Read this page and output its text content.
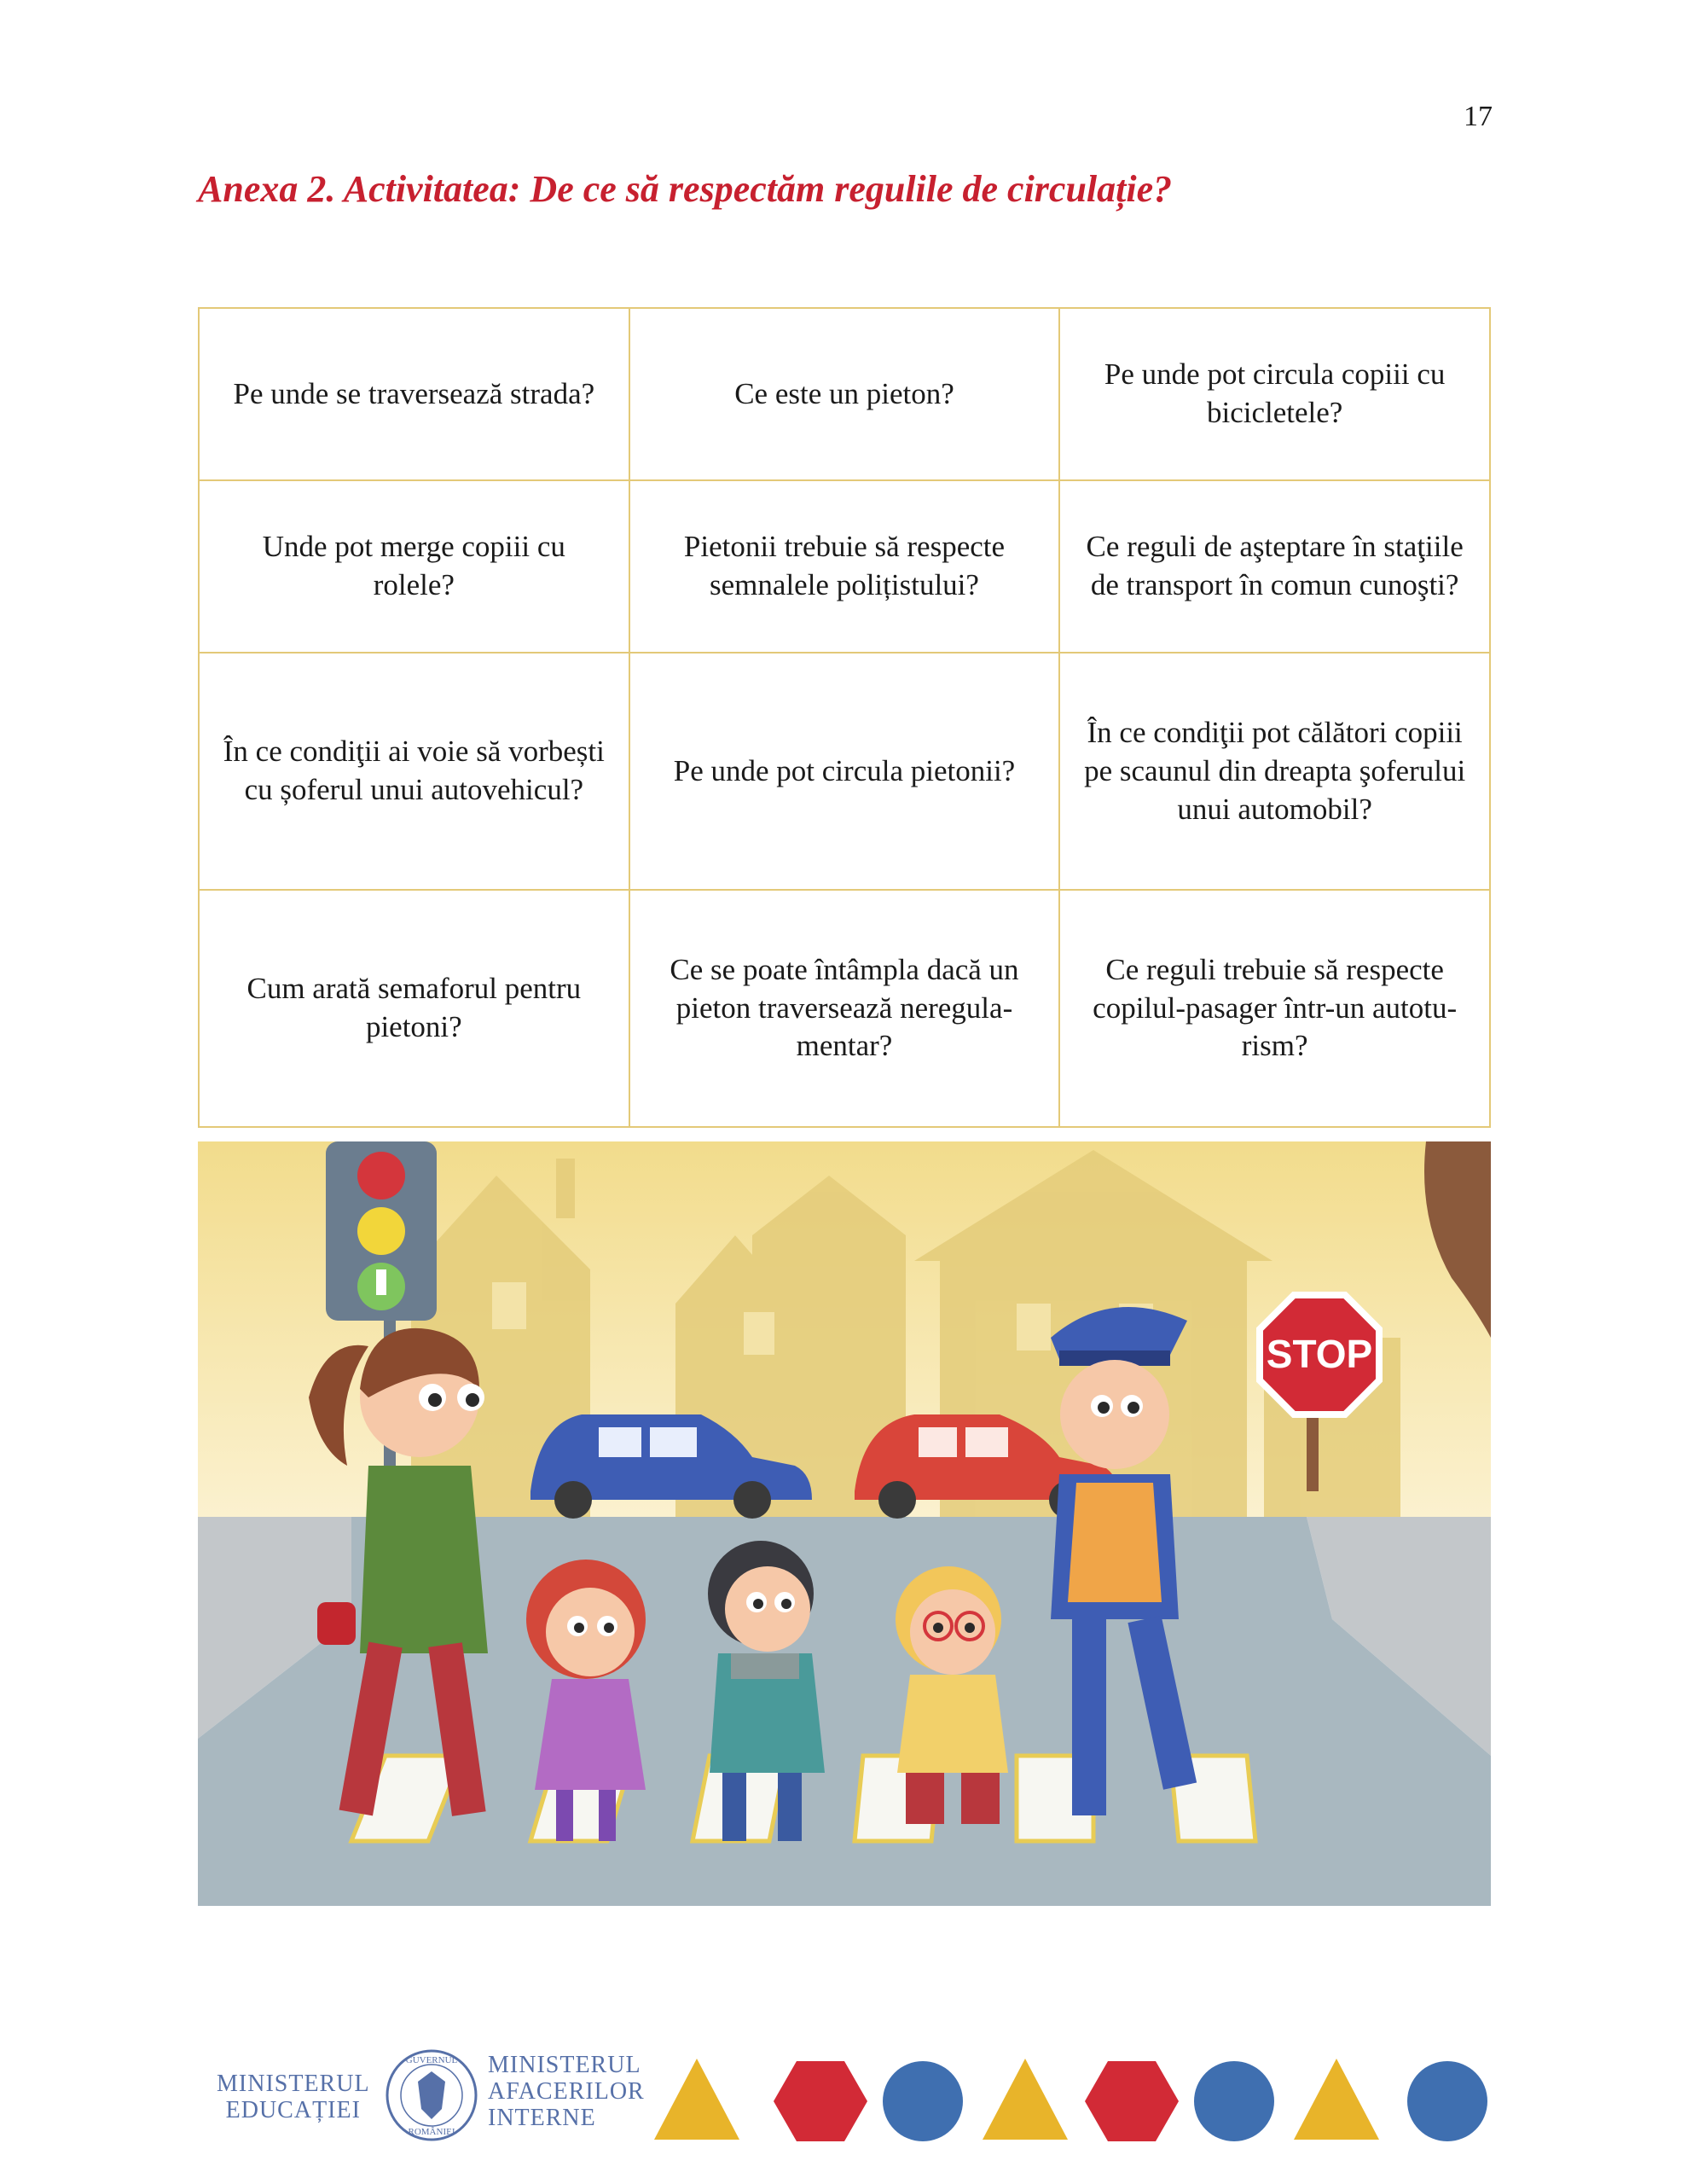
17
Anexa 2. Activitatea: De ce să respectăm regulile de circulație?
Pe unde se traversează strada?	Ce este un pieton?	Pe unde pot circula copiii cu bicicletele?
Unde pot merge copiii cu rolele?	Pietonii trebuie să respecte semnalele polițistului?	Ce reguli de aşteptare în staţiile de transport în comun cunoşti?
În ce condiţii ai voie să vorbești cu șoferul unui autovehicul?	Pe unde pot circula pietonii?	În ce condiţii pot călători copiii pe scaunul din dreapta şoferului unui automobil?
Cum arată semaforul pentru pietoni?	Ce se poate întâmpla dacă un pieton traversează neregula-mentar?	Ce reguli trebuie să respecte copilul-pasager într-un autotu-rism?
STOP
MINISTERUL
EDUCAȚIEI
GUVERNUL
ROMÂNIEI
MINISTERUL
AFACERILOR
INTERNE
